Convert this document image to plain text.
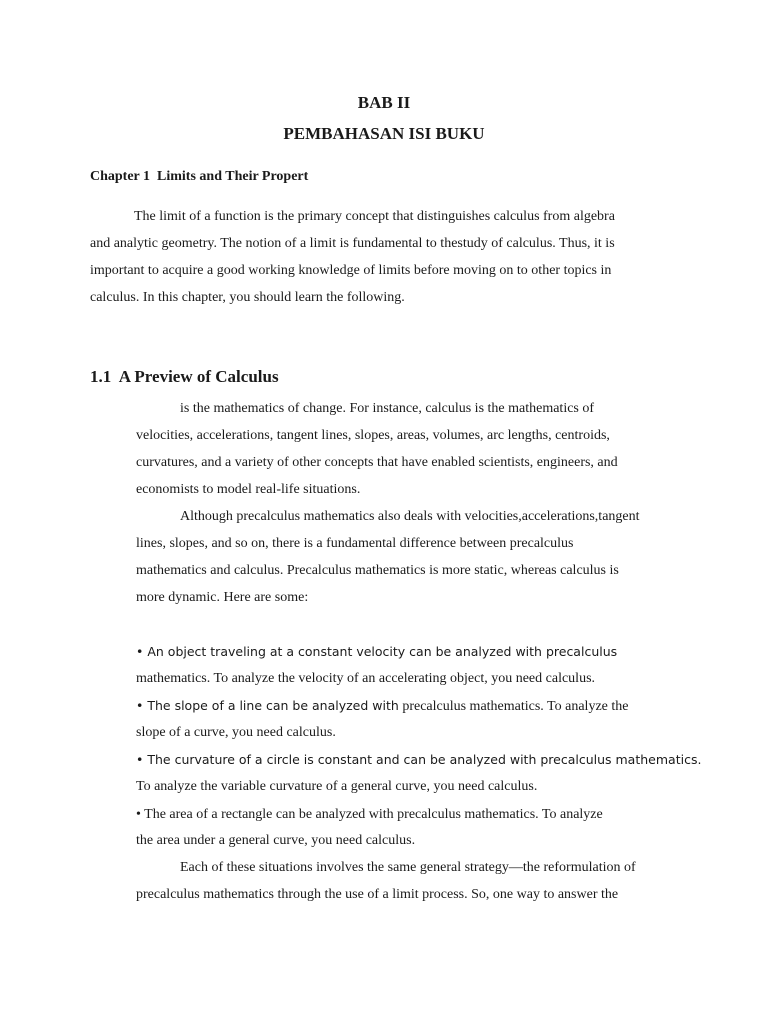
BAB II
PEMBAHASAN ISI BUKU
Chapter 1  Limits and Their Propert
The limit of a function is the primary concept that distinguishes calculus from algebra
and analytic geometry. The notion of a limit is fundamental to thestudy of calculus. Thus, it is
important to acquire a good working knowledge of limits before moving on to other topics in
calculus. In this chapter, you should learn the following.
1.1  A Preview of Calculus
is the mathematics of change. For instance, calculus is the mathematics of
velocities, accelerations, tangent lines, slopes, areas, volumes, arc lengths, centroids,
curvatures, and a variety of other concepts that have enabled scientists, engineers, and
economists to model real-life situations.
Although precalculus mathematics also deals with velocities,accelerations,tangent
lines, slopes, and so on, there is a fundamental difference between precalculus
mathematics and calculus. Precalculus mathematics is more static, whereas calculus is
more dynamic. Here are some:
• An object traveling at a constant velocity can be analyzed with precalculus
mathematics. To analyze the velocity of an accelerating object, you need calculus.
• The slope of a line can be analyzed with precalculus mathematics. To analyze the
slope of a curve, you need calculus.
• The curvature of a circle is constant and can be analyzed with precalculus mathematics.
To analyze the variable curvature of a general curve, you need calculus.
• The area of a rectangle can be analyzed with precalculus mathematics. To analyze
the area under a general curve, you need calculus.
Each of these situations involves the same general strategy—the reformulation of
precalculus mathematics through the use of a limit process. So, one way to answer the
